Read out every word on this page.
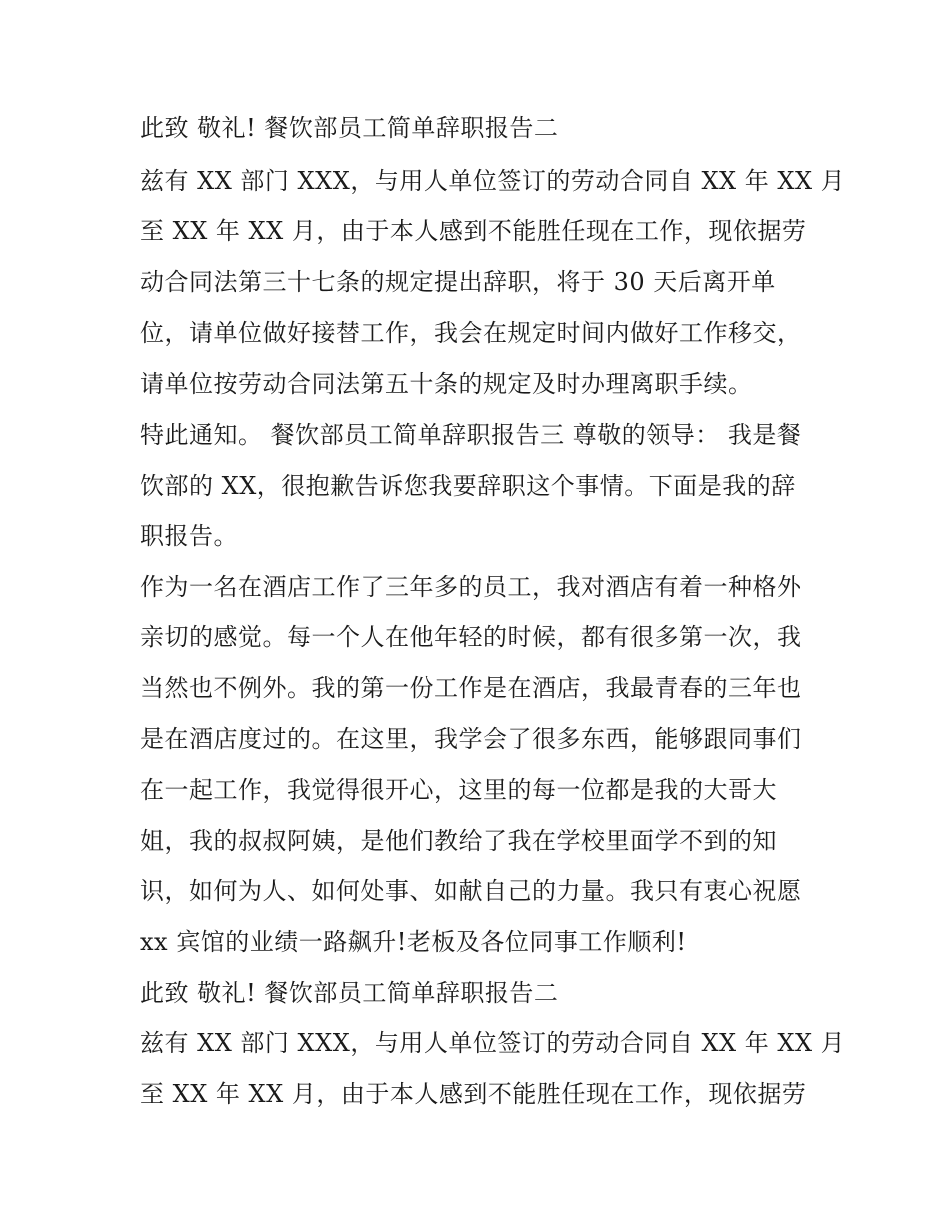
此致 敬礼! 餐饮部员工简单辞职报告二
兹有 XX 部门 XXX，与用人单位签订的劳动合同自 XX 年 XX 月
至 XX 年 XX 月，由于本人感到不能胜任现在工作，现依据劳
动合同法第三十七条的规定提出辞职，将于 30 天后离开单
位，请单位做好接替工作，我会在规定时间内做好工作移交，
请单位按劳动合同法第五十条的规定及时办理离职手续。
特此通知。 餐饮部员工简单辞职报告三 尊敬的领导： 我是餐
饮部的 XX，很抱歉告诉您我要辞职这个事情。下面是我的辞
职报告。
作为一名在酒店工作了三年多的员工，我对酒店有着一种格外
亲切的感觉。每一个人在他年轻的时候，都有很多第一次，我
当然也不例外。我的第一份工作是在酒店，我最青春的三年也
是在酒店度过的。在这里，我学会了很多东西，能够跟同事们
在一起工作，我觉得很开心，这里的每一位都是我的大哥大
姐，我的叔叔阿姨，是他们教给了我在学校里面学不到的知
识，如何为人、如何处事、如献自己的力量。我只有衷心祝愿
xx 宾馆的业绩一路飙升!老板及各位同事工作顺利!
此致 敬礼! 餐饮部员工简单辞职报告二
兹有 XX 部门 XXX，与用人单位签订的劳动合同自 XX 年 XX 月
至 XX 年 XX 月，由于本人感到不能胜任现在工作，现依据劳
